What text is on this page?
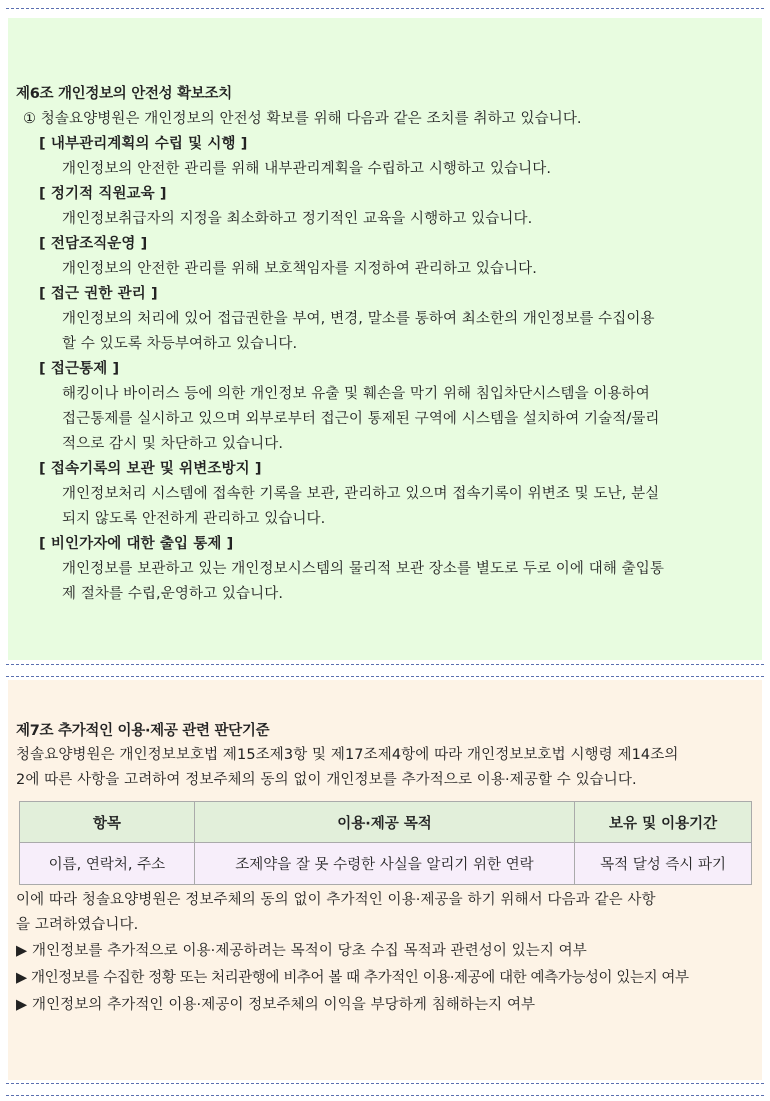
제6조 개인정보의 안전성 확보조치
① 청솔요양병원은 개인정보의 안전성 확보를 위해 다음과 같은 조치를 취하고 있습니다.
[ 내부관리계획의 수립 및 시행 ]
개인정보의 안전한 관리를 위해 내부관리계획을 수립하고 시행하고 있습니다.
[ 정기적 직원교육 ]
개인정보취급자의 지정을 최소화하고 정기적인 교육을 시행하고 있습니다.
[ 전담조직운영 ]
개인정보의 안전한 관리를 위해 보호책임자를 지정하여 관리하고 있습니다.
[ 접근 권한 관리 ]
개인정보의 처리에 있어 접급권한을 부여, 변경, 말소를 통하여 최소한의 개인정보를 수집이용
할 수 있도록 차등부여하고 있습니다.
[ 접근통제 ]
해킹이나 바이러스 등에 의한 개인정보 유출 및 훼손을 막기 위해 침입차단시스템을 이용하여
접근통제를 실시하고 있으며 외부로부터 접근이 통제된 구역에 시스템을 설치하여 기술적/물리
적으로 감시 및 차단하고 있습니다.
[ 접속기록의 보관 및 위변조방지 ]
개인정보처리 시스템에 접속한 기록을 보관, 관리하고 있으며 접속기록이 위변조 및 도난, 분실
되지 않도록 안전하게 관리하고 있습니다.
[ 비인가자에 대한 출입 통제 ]
개인정보를 보관하고 있는 개인정보시스템의 물리적 보관 장소를 별도로 두로 이에 대해 출입통
제 절차를 수립,운영하고 있습니다.
제7조 추가적인 이용·제공 관련 판단기준
청솔요양병원은 개인정보보호법 제15조제3항 및 제17조제4항에 따라 개인정보보호법 시행령 제14조의
2에 따른 사항을 고려하여 정보주체의 동의 없이 개인정보를 추가적으로 이용·제공할 수 있습니다.
항목	이용·제공 목적	보유 및 이용기간
이름, 연락처, 주소	조제약을 잘 못 수령한 사실을 알리기 위한 연락	목적 달성 즉시 파기
이에 따라 청솔요양병원은 정보주체의 동의 없이 추가적인 이용·제공을 하기 위해서 다음과 같은 사항
을 고려하였습니다.
▶ 개인정보를 추가적으로 이용·제공하려는 목적이 당초 수집 목적과 관련성이 있는지 여부
▶ 개인정보를 수집한 정황 또는 처리관행에 비추어 볼 때 추가적인 이용·제공에 대한 예측가능성이 있는지 여부
▶ 개인정보의 추가적인 이용·제공이 정보주체의 이익을 부당하게 침해하는지 여부
